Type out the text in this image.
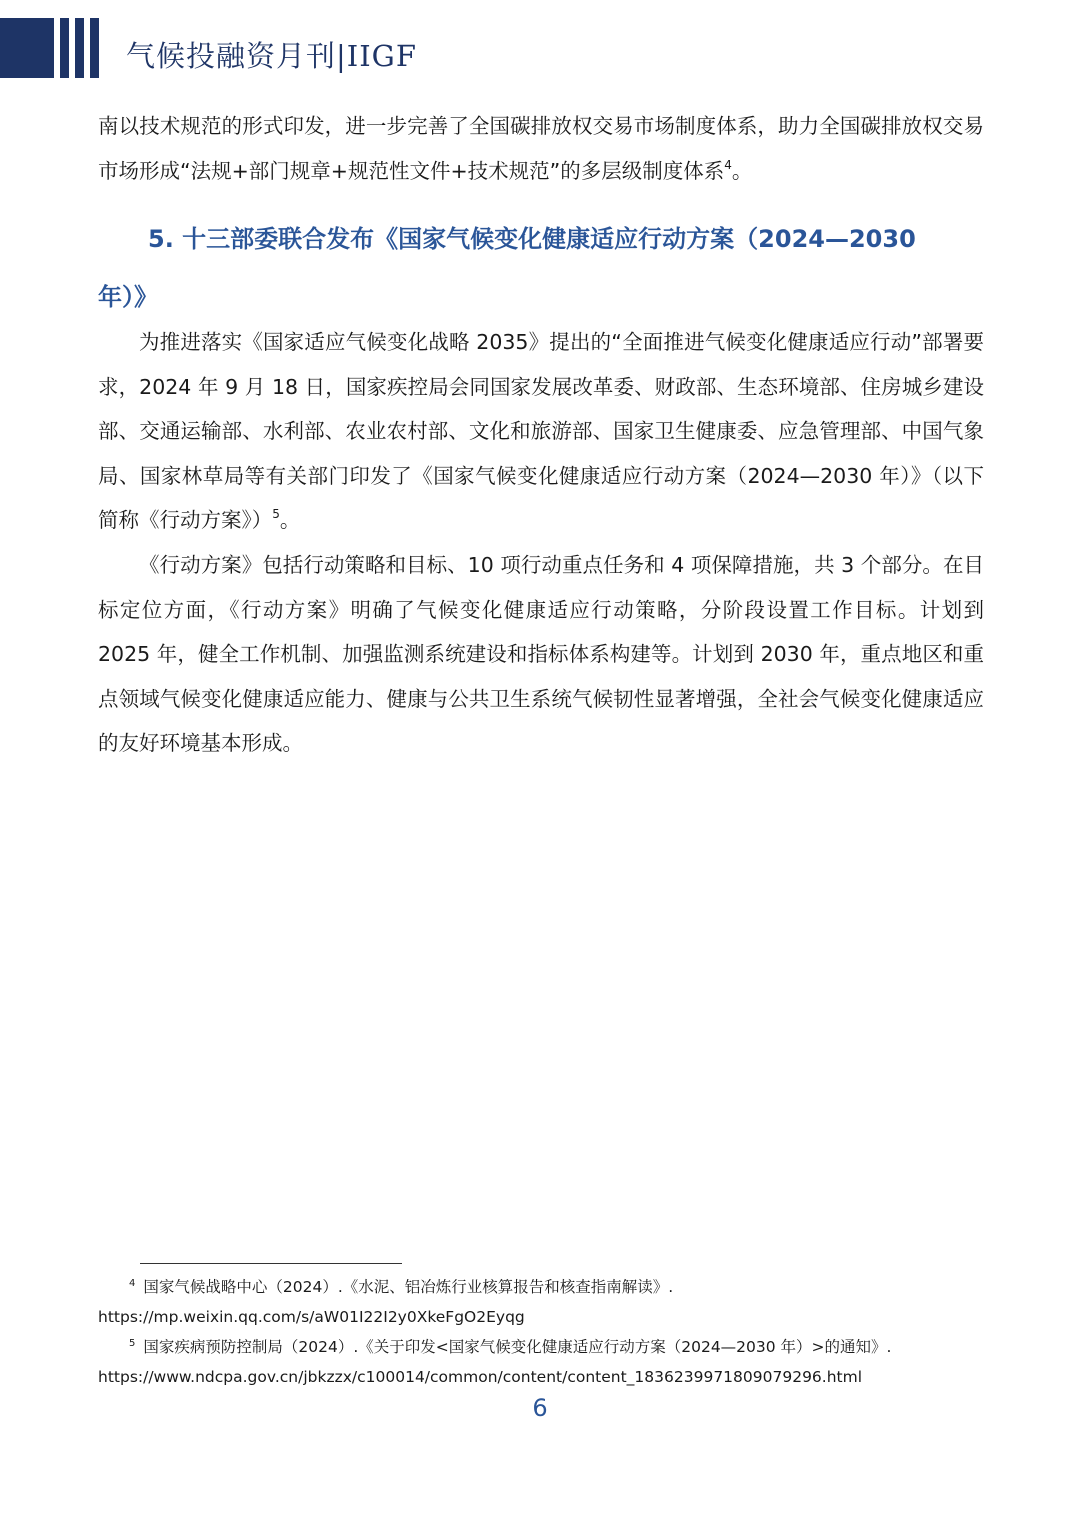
气候投融资月刊|IIGF

南以技术规范的形式印发，进一步完善了全国碳排放权交易市场制度体系，助力全国碳排放权交易市场形成“法规+部门规章+规范性文件+技术规范”的多层级制度体系$^4$。

5. 十三部委联合发布《国家气候变化健康适应行动方案（2024—2030
年）》

为推进落实《国家适应气候变化战略 2035》提出的“全面推进气候变化健康适应行动”部署要求，2024 年 9 月 18 日，国家疾控局会同国家发展改革委、财政部、生态环境部、住房城乡建设部、交通运输部、水利部、农业农村部、文化和旅游部、国家卫生健康委、应急管理部、中国气象局、国家林草局等有关部门印发了《国家气候变化健康适应行动方案（2024—2030 年）》（以下简称《行动方案》）$^5$。

《行动方案》包括行动策略和目标、10 项行动重点任务和 4 项保障措施，共 3 个部分。在目标定位方面，《行动方案》明确了气候变化健康适应行动策略，分阶段设置工作目标。计划到 2025 年，健全工作机制、加强监测系统建设和指标体系构建等。计划到 2030 年，重点地区和重点领域气候变化健康适应能力、健康与公共卫生系统气候韧性显著增强，全社会气候变化健康适应的友好环境基本形成。

$^4$ 国家气候战略中心（2024）.《水泥、铝冶炼行业核算报告和核查指南解读》.
https://mp.weixin.qq.com/s/aW01I22I2y0XkeFgO2Eyqg
$^5$ 国家疾病预防控制局（2024）.《关于印发<国家气候变化健康适应行动方案（2024—2030 年）>的通知》.
https://www.ndcpa.gov.cn/jbkzzx/c100014/common/content/content_1836239971809079296.html
6
